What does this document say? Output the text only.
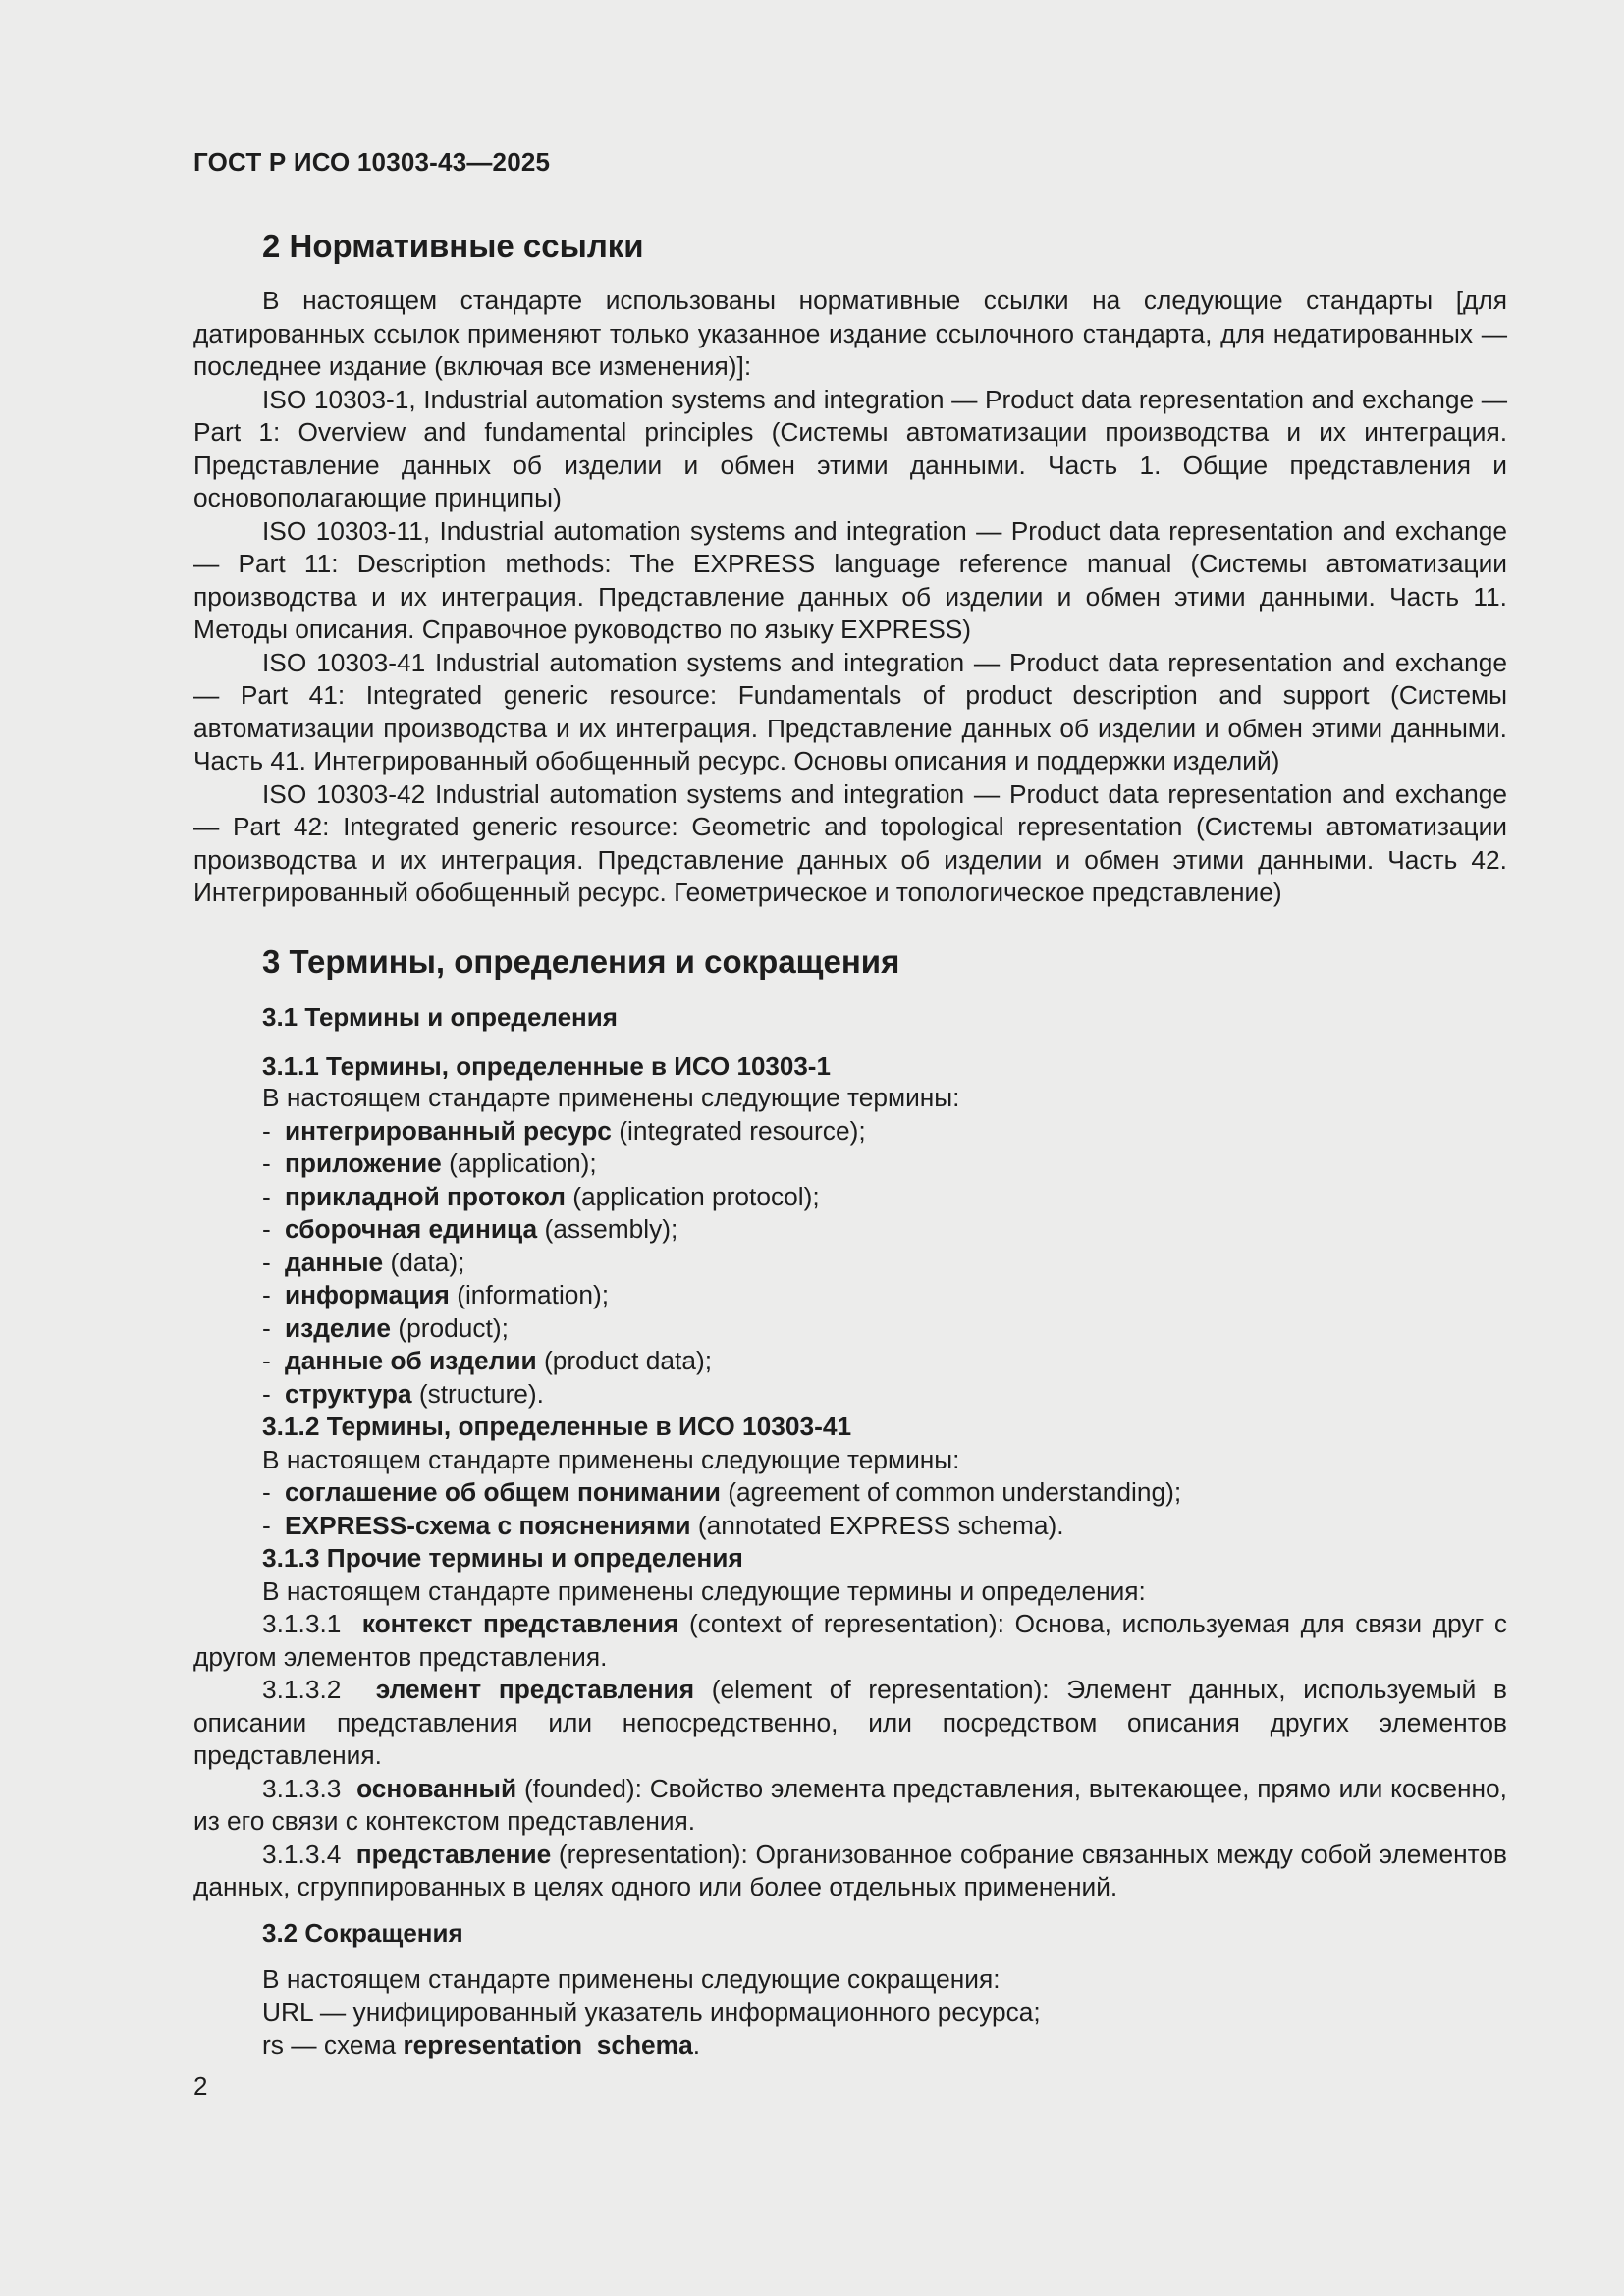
ГОСТ Р ИСО 10303-43—2025
2 Нормативные ссылки

В настоящем стандарте использованы нормативные ссылки на следующие стандарты [для датированных ссылок применяют только указанное издание ссылочного стандарта, для недатированных — последнее издание (включая все изменения)]:

ISO 10303-1, Industrial automation systems and integration — Product data representation and exchange — Part 1: Overview and fundamental principles (Системы автоматизации производства и их интеграция. Представление данных об изделии и обмен этими данными. Часть 1. Общие представления и основополагающие принципы)

ISO 10303-11, Industrial automation systems and integration — Product data representation and exchange — Part 11: Description methods: The EXPRESS language reference manual (Системы автоматизации производства и их интеграция. Представление данных об изделии и обмен этими данными. Часть 11. Методы описания. Справочное руководство по языку EXPRESS)

ISO 10303-41 Industrial automation systems and integration — Product data representation and exchange — Part 41: Integrated generic resource: Fundamentals of product description and support (Системы автоматизации производства и их интеграция. Представление данных об изделии и обмен этими данными. Часть 41. Интегрированный обобщенный ресурс. Основы описания и поддержки изделий)

ISO 10303-42 Industrial automation systems and integration — Product data representation and exchange — Part 42: Integrated generic resource: Geometric and topological representation (Системы автоматизации производства и их интеграция. Представление данных об изделии и обмен этими данными. Часть 42. Интегрированный обобщенный ресурс. Геометрическое и топологическое представление)

3 Термины, определения и сокращения
3.1 Термины и определения
3.1.1 Термины, определенные в ИСО 10303-1

В настоящем стандарте применены следующие термины:

- интегрированный ресурс (integrated resource);

- приложение (application);

- прикладной протокол (application protocol);

- сборочная единица (assembly);

- данные (data);

- информация (information);

- изделие (product);

- данные об изделии (product data);

- структура (structure).

3.1.2 Термины, определенные в ИСО 10303-41

В настоящем стандарте применены следующие термины:

- соглашение об общем понимании (agreement of common understanding);

- EXPRESS-схема с пояснениями (annotated EXPRESS schema).

3.1.3 Прочие термины и определения

В настоящем стандарте применены следующие термины и определения:

3.1.3.1 контекст представления (context of representation): Основа, используемая для связи друг с другом элементов представления.

3.1.3.2 элемент представления (element of representation): Элемент данных, используемый в описании представления или непосредственно, или посредством описания других элементов представления.

3.1.3.3 основанный (founded): Свойство элемента представления, вытекающее, прямо или косвенно, из его связи с контекстом представления.

3.1.3.4 представление (representation): Организованное собрание связанных между собой элементов данных, сгруппированных в целях одного или более отдельных применений.

3.2 Сокращения

В настоящем стандарте применены следующие сокращения:

URL — унифицированный указатель информационного ресурса;

rs — схема representation_schema.

2
